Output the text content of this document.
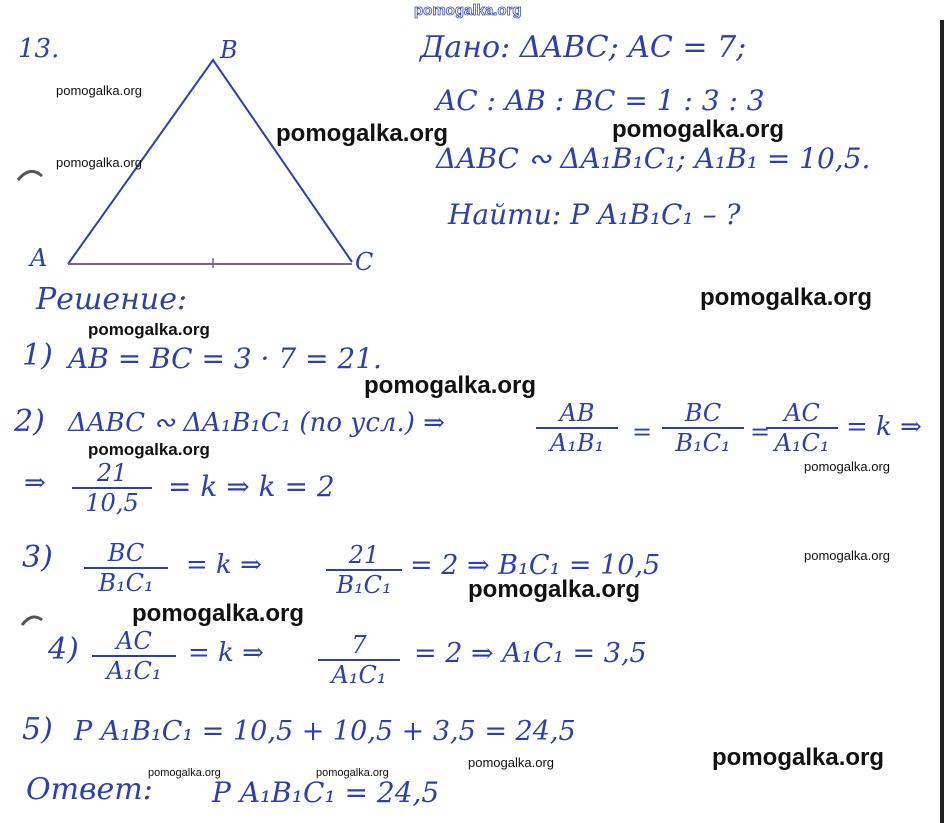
pomogalka.org
13.	B
A	C
Дано: ΔABC; AC = 7;
AC : AB : BC = 1 : 3 : 3
ΔABC ∾ ΔA₁B₁C₁; A₁B₁ = 10,5.
Найти: P A₁B₁C₁ – ?
Решение:
1) AB = BC = 3 · 7 = 21.
2) ΔABC ∾ ΔA₁B₁C₁ (по усл.) ⇒	AB
A₁B₁	=
BC
B₁C₁ =
AC
A₁C₁
= k ⇒
⇒	21
10,5
= k ⇒ k = 2
3)	BC
B₁C₁
= k ⇒	21
B₁C₁
= 2 ⇒ B₁C₁ = 10,5
4)	AC
A₁C₁
= k ⇒	7
A₁C₁
= 2 ⇒ A₁C₁ = 3,5
5) P A₁B₁C₁ = 10,5 + 10,5 + 3,5 = 24,5
Ответ: P A₁B₁C₁ = 24,5
pomogalka.org
pomogalka.org
pomogalka.org	pomogalka.org
pomogalka.org
pomogalka.org
pomogalka.org
pomogalka.org
pomogalka.org
pomogalka.org
pomogalka.org
pomogalka.org
pomogalka.org
pomogalka.org
pomogalka.org	pomogalka.org
